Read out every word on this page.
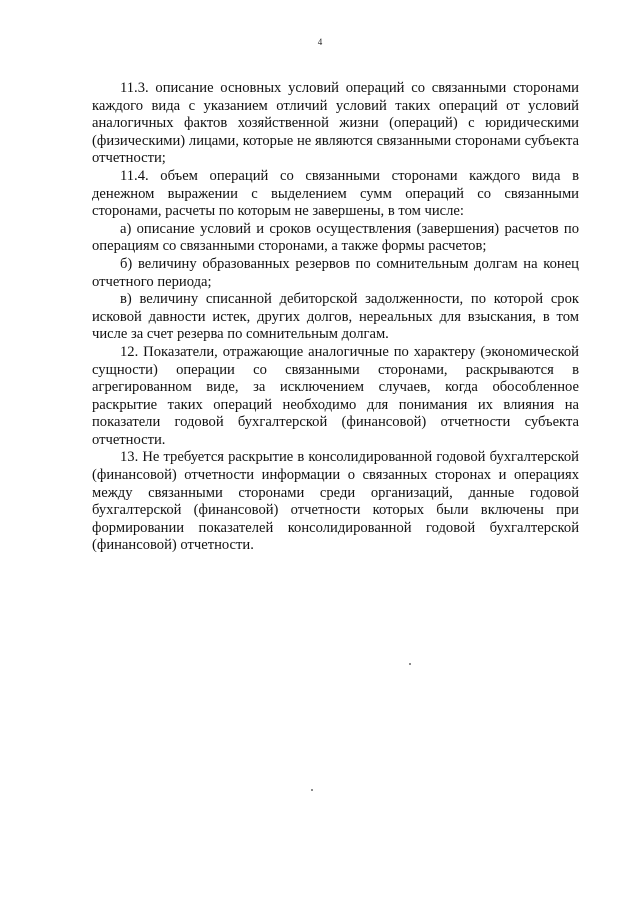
4

11.3. описание основных условий операций со связанными сторонами каждого вида с указанием отличий условий таких операций от условий аналогичных фактов хозяйственной жизни (операций) с юридическими (физическими) лицами, которые не являются связанными сторонами субъекта отчетности;

11.4. объем операций со связанными сторонами каждого вида в денежном выражении с выделением сумм операций со связанными сторонами, расчеты по которым не завершены, в том числе:

а) описание условий и сроков осуществления (завершения) расчетов по операциям со связанными сторонами, а также формы расчетов;

б) величину образованных резервов по сомнительным долгам на конец отчетного периода;

в) величину списанной дебиторской задолженности, по которой срок исковой давности истек, других долгов, нереальных для взыскания, в том числе за счет резерва по сомнительным долгам.

12. Показатели, отражающие аналогичные по характеру (экономической сущности) операции со связанными сторонами, раскрываются в агрегированном виде, за исключением случаев, когда обособленное раскрытие таких операций необходимо для понимания их влияния на показатели годовой бухгалтерской (финансовой) отчетности субъекта отчетности.

13. Не требуется раскрытие в консолидированной годовой бухгалтерской (финансовой) отчетности информации о связанных сторонах и операциях между связанными сторонами среди организаций, данные годовой бухгалтерской (финансовой) отчетности которых были включены при формировании показателей консолидированной годовой бухгалтерской (финансовой) отчетности.
